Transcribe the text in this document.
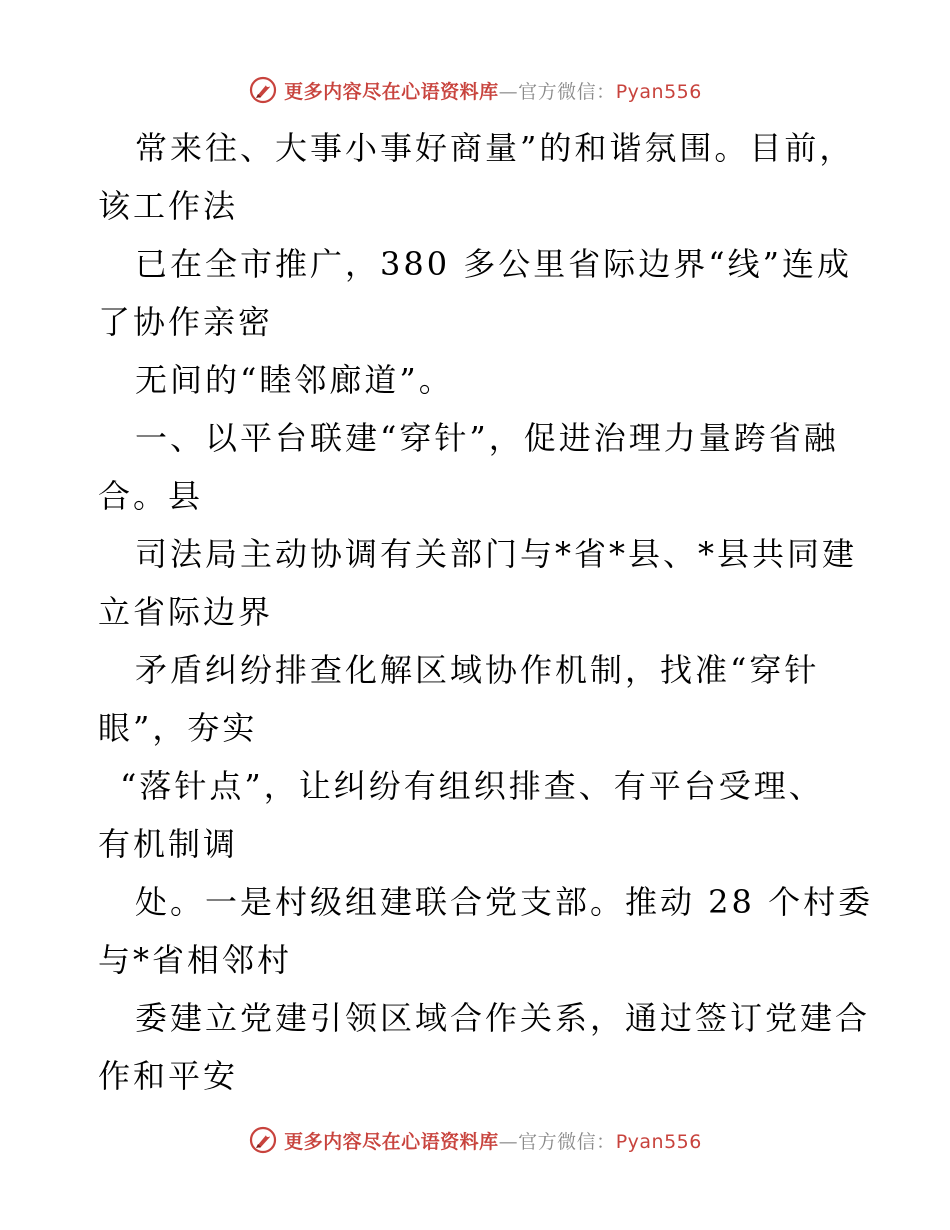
更多内容尽在心语资料库—官方微信：Pyan556
常来往、大事小事好商量”的和谐氛围。目前，
该工作法
已在全市推广，380 多公里省际边界“线”连成
了协作亲密
无间的“睦邻廊道”。
一、以平台联建“穿针”，促进治理力量跨省融
合。县
司法局主动协调有关部门与*省*县、*县共同建
立省际边界
矛盾纠纷排查化解区域协作机制，找准“穿针
眼”，夯实
“落针点”，让纠纷有组织排查、有平台受理、
有机制调
处。一是村级组建联合党支部。推动 28 个村委
与*省相邻村
委建立党建引领区域合作关系，通过签订党建合
作和平安
更多内容尽在心语资料库—官方微信：Pyan556
